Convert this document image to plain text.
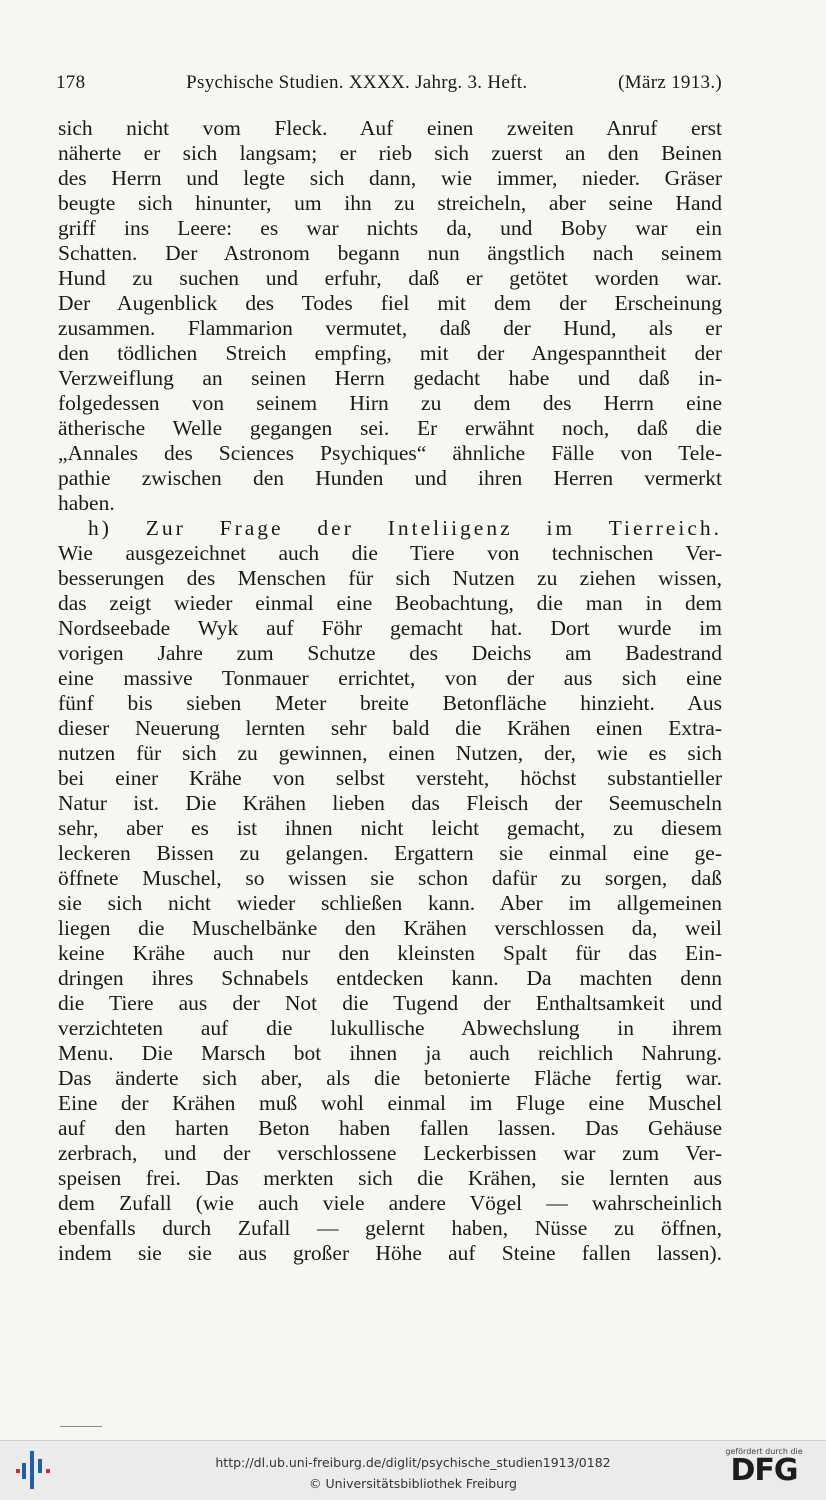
178	Psychische Studien. XXXX. Jahrg. 3. Heft.	(März 1913.)
sich nicht vom Fleck. Auf einen zweiten Anruf erst
näherte er sich langsam; er rieb sich zuerst an den Beinen
des Herrn und legte sich dann, wie immer, nieder. Gräser
beugte sich hinunter, um ihn zu streicheln, aber seine Hand
griff ins Leere: es war nichts da, und Boby war ein
Schatten. Der Astronom begann nun ängstlich nach seinem
Hund zu suchen und erfuhr, daß er getötet worden war.
Der Augenblick des Todes fiel mit dem der Erscheinung
zusammen. Flammarion vermutet, daß der Hund, als er
den tödlichen Streich empfing, mit der Angespanntheit der
Verzweiflung an seinen Herrn gedacht habe und daß in-
folgedessen von seinem Hirn zu dem des Herrn eine
ätherische Welle gegangen sei. Er erwähnt noch, daß die
„Annales des Sciences Psychiques“ ähnliche Fälle von Tele-
pathie zwischen den Hunden und ihren Herren vermerkt
haben.
h) Zur Frage der Inteliigenz im Tierreich.
Wie ausgezeichnet auch die Tiere von technischen Ver-
besserungen des Menschen für sich Nutzen zu ziehen wissen,
das zeigt wieder einmal eine Beobachtung, die man in dem
Nordseebade Wyk auf Föhr gemacht hat. Dort wurde im
vorigen Jahre zum Schutze des Deichs am Badestrand
eine massive Tonmauer errichtet, von der aus sich eine
fünf bis sieben Meter breite Betonfläche hinzieht. Aus
dieser Neuerung lernten sehr bald die Krähen einen Extra-
nutzen für sich zu gewinnen, einen Nutzen, der, wie es sich
bei einer Krähe von selbst versteht, höchst substantieller
Natur ist. Die Krähen lieben das Fleisch der Seemuscheln
sehr, aber es ist ihnen nicht leicht gemacht, zu diesem
leckeren Bissen zu gelangen. Ergattern sie einmal eine ge-
öffnete Muschel, so wissen sie schon dafür zu sorgen, daß
sie sich nicht wieder schließen kann. Aber im allgemeinen
liegen die Muschelbänke den Krähen verschlossen da, weil
keine Krähe auch nur den kleinsten Spalt für das Ein-
dringen ihres Schnabels entdecken kann. Da machten denn
die Tiere aus der Not die Tugend der Enthaltsamkeit und
verzichteten auf die lukullische Abwechslung in ihrem
Menu. Die Marsch bot ihnen ja auch reichlich Nahrung.
Das änderte sich aber, als die betonierte Fläche fertig war.
Eine der Krähen muß wohl einmal im Fluge eine Muschel
auf den harten Beton haben fallen lassen. Das Gehäuse
zerbrach, und der verschlossene Leckerbissen war zum Ver-
speisen frei. Das merkten sich die Krähen, sie lernten aus
dem Zufall (wie auch viele andere Vögel — wahrscheinlich
ebenfalls durch Zufall — gelernt haben, Nüsse zu öffnen,
indem sie sie aus großer Höhe auf Steine fallen lassen).
http://dl.ub.uni-freiburg.de/diglit/psychische_studien1913/0182
© Universitätsbibliothek Freiburg
gefördert durch die
DFG
